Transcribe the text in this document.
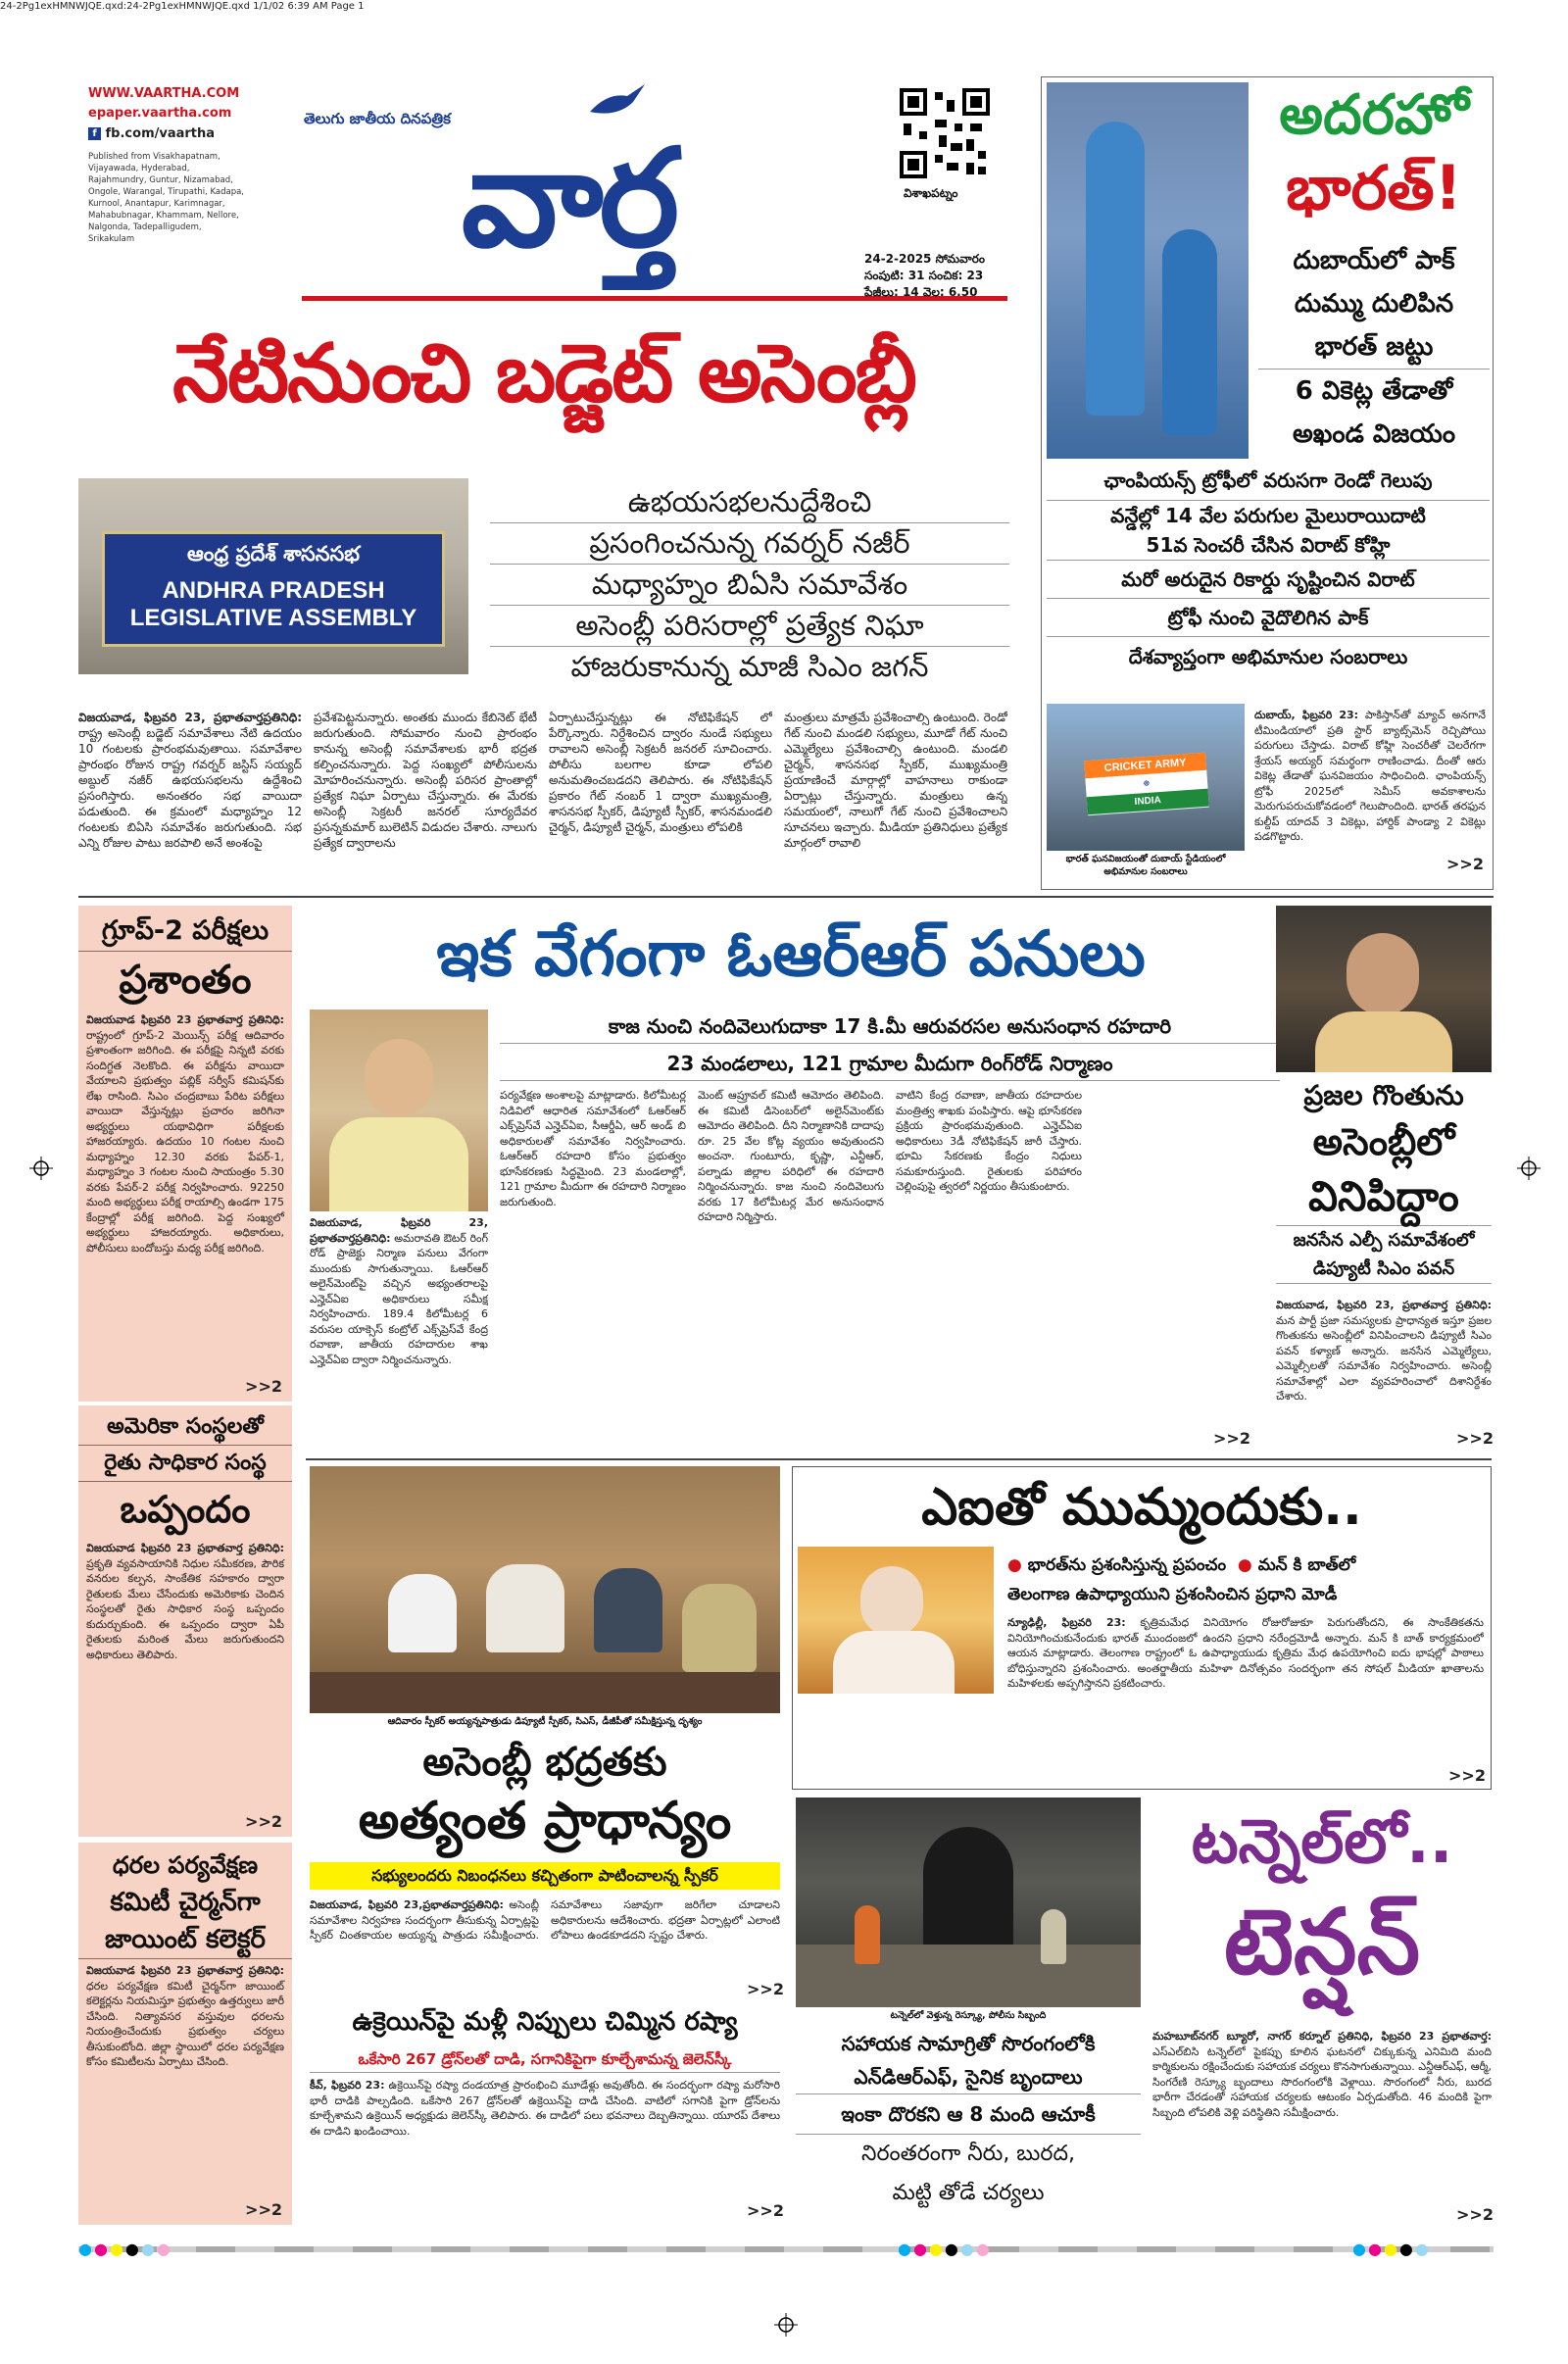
24-2Pg1exHMNWJQE.qxd:24-2Pg1exHMNWJQE.qxd 1/1/02 6:39 AM Page 1
WWW.VAARTHA.COM
epaper.vaartha.com
f fb.com/vaartha
Published from Visakhapatnam, Vijayawada, Hyderabad, Rajahmundry, Guntur, Nizamabad, Ongole, Warangal, Tirupathi, Kadapa, Kurnool, Anantapur, Karimnagar, Mahabubnagar, Khammam, Nellore, Nalgonda, Tadepalligudem, Srikakulam
తెలుగు జాతీయ దినపత్రిక
వార్త	విశాఖపట్నం
24-2-2025 సోమవారం
సంపుటి: 31 సంచిక: 23
పేజీలు: 14 వెల: 6.50
నేటినుంచి బడ్జెట్ అసెంబ్లీ
ఆంధ్ర ప్రదేశ్ శాసనసభ
ANDHRA PRADESH
LEGISLATIVE ASSEMBLY
ఉభయసభలనుద్దేశించి
ప్రసంగించనున్న గవర్నర్ నజీర్
మధ్యాహ్నం బిఏసి సమావేశం
అసెంబ్లీ పరిసరాల్లో ప్రత్యేక నిఘా
హాజరుకానున్న మాజీ సిఎం జగన్
విజయవాడ, ఫిబ్రవరి 23, ప్రభాతవార్తప్రతినిధి: రాష్ట్ర అసెంబ్లీ బడ్జెట్ సమావేశాలు నేటి ఉదయం 10 గంటలకు ప్రారంభమవుతాయి. సమావేశాల ప్రారంభం రోజున రాష్ట్ర గవర్నర్ జస్టిస్ సయ్యద్ అబ్దుల్ నజీర్ ఉభయసభలను ఉద్దేశించి ప్రసంగిస్తారు. అనంతరం సభ వాయిదా పడుతుంది. ఈ క్రమంలో మధ్యాహ్నం 12 గంటలకు బిఏసి సమావేశం జరుగుతుంది. సభ ఎన్ని రోజుల పాటు జరపాలి అనే అంశంపై
ప్రవేశపెట్టనున్నారు. అంతకు ముందు కేబినెట్ భేటీ జరుగుతుంది. సోమవారం నుంచి ప్రారంభం కానున్న అసెంబ్లీ సమావేశాలకు భారీ భద్రత కల్పించనున్నారు. పెద్ద సంఖ్యలో పోలీసులను మోహరించనున్నారు. అసెంబ్లీ పరిసర ప్రాంతాల్లో ప్రత్యేక నిఘా ఏర్పాటు చేస్తున్నారు. ఈ మేరకు అసెంబ్లీ సెక్రటరీ జనరల్ సూర్యదేవర ప్రసన్నకుమార్ బులెటిన్ విడుదల చేశారు. నాలుగు ప్రత్యేక ద్వారాలను
ఏర్పాటుచేస్తున్నట్లు ఈ నోటిఫికేషన్ లో పేర్కొన్నారు. నిర్దేశించిన ద్వారం నుండే సభ్యులు రావాలని అసెంబ్లీ సెక్రటరీ జనరల్ సూచించారు. పోలీసు బలగాల కూడా లోపలి అనుమతించబడదని తెలిపారు. ఈ నోటిఫికేషన్ ప్రకారం గేట్ నంబర్ 1 ద్వారా ముఖ్యమంత్రి, శాసనసభ స్పీకర్, డిప్యూటీ స్పీకర్, శాసనమండలి చైర్మన్, డిప్యూటీ చైర్మన్, మంత్రులు లోపలికి
మంత్రులు మాత్రమే ప్రవేశించాల్సి ఉంటుంది. రెండో గేట్ నుంచి మండలి సభ్యులు, మూడో గేట్ నుంచి ఎమ్మెల్యేలు ప్రవేశించాల్సి ఉంటుంది. మండలి చైర్మన్, శాసనసభ స్పీకర్, ముఖ్యమంత్రి ప్రయాణించే మార్గాల్లో వాహనాలు రాకుండా ఏర్పాట్లు చేస్తున్నారు. మంత్రులు ఉన్న సమయంలో, నాలుగో గేట్ నుంచి ప్రవేశించాలని సూచనలు ఇచ్చారు. మీడియా ప్రతినిధులు ప్రత్యేక మార్గంలో రావాలి
అదరహో
భారత్!
దుబాయ్‌లో పాక్
దుమ్ము దులిపిన
భారత్ జట్టు
6 వికెట్ల తేడాతో
అఖండ విజయం
ఛాంపియన్స్ ట్రోఫీలో వరుసగా రెండో గెలుపు
వన్డేల్లో 14 వేల పరుగుల మైలురాయిదాటి
51వ సెంచరీ చేసిన విరాట్ కోహ్లి
మరో అరుదైన రికార్డు సృష్టించిన విరాట్
ట్రోఫీ నుంచి వైదొలిగిన పాక్
దేశవ్యాప్తంగా అభిమానుల సంబరాలు
CRICKET ARMY
☸
INDIA
భారత్ ఘనవిజయంతో దుబాయ్ స్టేడియంలో అభిమానుల సంబరాలు
దుబాయ్, ఫిబ్రవరి 23: పాకిస్తాన్‌తో మ్యాచ్ అనగానే టీమిండియాలో ప్రతి స్టార్ బ్యాట్స్‌మెన్ రెచ్చిపోయి పరుగులు చేస్తాడు. విరాట్ కోహ్లి సెంచరీతో చెలరేగగా శ్రేయస్ అయ్యర్ సమర్థంగా రాణించాడు. దీంతో ఆరు వికెట్ల తేడాతో ఘనవిజయం సాధించింది. ఛాంపియన్స్ ట్రోఫీ 2025లో సెమీస్ అవకాశాలను మెరుగుపరుచుకోవడంలో గెలుపొందింది. భారత్ తరఫున కుల్దీప్ యాదవ్ 3 వికెట్లు, హార్దిక్ పాండ్యా 2 వికెట్లు పడగొట్టారు.
>>2
గ్రూప్-2 పరీక్షలు
ప్రశాంతం
విజయవాడ ఫిబ్రవరి 23 ప్రభాతవార్త ప్రతినిధి: రాష్ట్రంలో గ్రూప్-2 మెయిన్స్ పరీక్ష ఆదివారం ప్రశాంతంగా జరిగింది. ఈ పరీక్షపై నిన్నటి వరకు సందిగ్ధత నెలకొంది. ఈ పరీక్షను వాయిదా వేయాలని ప్రభుత్వం పబ్లిక్ సర్వీస్ కమిషన్‌కు లేఖ రాసింది. సిఎం చంద్రబాబు పేరిట పరీక్షలు వాయిదా వేస్తున్నట్లు ప్రచారం జరిగినా అభ్యర్థులు యథావిధిగా పరీక్షలకు హాజరయ్యారు. ఉదయం 10 గంటల నుంచి మధ్యాహ్నం 12.30 వరకు పేపర్-1, మధ్యాహ్నం 3 గంటల నుంచి సాయంత్రం 5.30 వరకు పేపర్-2 పరీక్ష నిర్వహించారు. 92250 మంది అభ్యర్థులు పరీక్ష రాయాల్సి ఉండగా 175 కేంద్రాల్లో పరీక్ష జరిగింది. పెద్ద సంఖ్యలో అభ్యర్థులు హాజరయ్యారు. అధికారులు, పోలీసులు బందోబస్తు మధ్య పరీక్ష జరిగింది.
>>2
ఇక వేగంగా ఓఆర్ఆర్ పనులు
కాజ నుంచి నందివెలుగుదాకా 17 కి.మీ ఆరువరసల అనుసంధాన రహదారి
23 మండలాలు, 121 గ్రామాల మీదుగా రింగ్‌రోడ్ నిర్మాణం
విజయవాడ, ఫిబ్రవరి 23, ప్రభాతవార్తప్రతినిధి: అమరావతి ఔటర్ రింగ్ రోడ్ ప్రాజెక్టు నిర్మాణ పనులు వేగంగా ముందుకు సాగుతున్నాయి. ఓఆర్ఆర్ అలైన్‌మెంట్‌పై వచ్చిన అభ్యంతరాలపై ఎన్హెచ్ఏఐ అధికారులు సమీక్ష నిర్వహించారు. 189.4 కిలోమీటర్ల 6 వరుసల యాక్సెస్ కంట్రోల్ ఎక్స్‌ప్రెస్‌వే కేంద్ర రవాణా, జాతీయ రహదారుల శాఖ ఎన్హెచ్ఏఐ ద్వారా నిర్మించనున్నారు.
పర్యవేక్షణ అంశాలపై మాట్లాడారు. కిలోమీటర్ల నిడివిలో ఆధారిత సమావేశంలో ఓఆర్ఆర్ ఎక్స్‌ప్రెస్‌వే ఎన్హెచ్ఏఐ, సీఆర్డీఏ, ఆర్ అండ్ బి అధికారులతో సమావేశం నిర్వహించారు. ఓఆర్ఆర్ రహదారి కోసం ప్రభుత్వం భూసేకరణకు సిద్ధమైంది. 23 మండలాల్లో, 121 గ్రామాల మీదుగా ఈ రహదారి నిర్మాణం జరుగుతుంది.
మెంట్ ఆప్రూవల్ కమిటీ ఆమోదం తెలిపింది. ఈ కమిటీ డిసెంబర్‌లో అలైన్‌మెంట్‌కు ఆమోదం తెలిపింది. దీని నిర్మాణానికి దాదాపు రూ. 25 వేల కోట్ల వ్యయం అవుతుందని అంచనా. గుంటూరు, కృష్ణా, ఎన్టీఆర్, పల్నాడు జిల్లాల పరిధిలో ఈ రహదారి నిర్మించనున్నారు. కాజ నుంచి నందివెలుగు వరకు 17 కిలోమీటర్ల మేర అనుసంధాన రహదారి నిర్మిస్తారు.
వాటిని కేంద్ర రవాణా, జాతీయ రహదారుల మంత్రిత్వ శాఖకు పంపిస్తారు. ఆపై భూసేకరణ ప్రక్రియ ప్రారంభమవుతుంది. ఎన్హెచ్ఏఐ అధికారులు 3డీ నోటిఫికేషన్ జారీ చేస్తారు. భూమి సేకరణకు కేంద్రం నిధులు సమకూరుస్తుంది. రైతులకు పరిహారం చెల్లింపుపై త్వరలో నిర్ణయం తీసుకుంటారు.
>>2
ప్రజల గొంతును
అసెంబ్లీలో
వినిపిద్దాం
జనసేన ఎల్పీ సమావేశంలో
డిప్యూటీ సిఎం పవన్
విజయవాడ, ఫిబ్రవరి 23, ప్రభాతవార్త ప్రతినిధి: మన పార్టీ ప్రజా సమస్యలకు ప్రాధాన్యత ఇస్తూ ప్రజల గొంతుకను అసెంబ్లీలో వినిపించాలని డిప్యూటీ సిఎం పవన్ కళ్యాణ్ అన్నారు. జనసేన ఎమ్మెల్యేలు, ఎమ్మెల్సీలతో సమావేశం నిర్వహించారు. అసెంబ్లీ సమావేశాల్లో ఎలా వ్యవహరించాలో దిశానిర్దేశం చేశారు.
>>2
అమెరికా సంస్థలతో
రైతు సాధికార సంస్థ
ఒప్పందం
విజయవాడ ఫిబ్రవరి 23 ప్రభాతవార్త ప్రతినిధి: ప్రకృతి వ్యవసాయానికి నిధుల సమీకరణ, పౌరిక వనరుల కల్పన, సాంకేతిక సహకారం ద్వారా రైతులకు మేలు చేసేందుకు అమెరికాకు చెందిన సంస్థలతో రైతు సాధికార సంస్థ ఒప్పందం కుదుర్చుకుంది. ఈ ఒప్పందం ద్వారా ఏపీ రైతులకు మరింత మేలు జరుగుతుందని అధికారులు తెలిపారు.
>>2
ఆదివారం స్పీకర్ అయ్యన్నపాత్రుడు డిప్యూటీ స్పీకర్, సిఎస్, డీజీపీతో సమీక్షిస్తున్న దృశ్యం
అసెంబ్లీ భద్రతకు
అత్యంత ప్రాధాన్యం
సభ్యులందరు నిబంధనలు కచ్చితంగా పాటించాలన్న స్పీకర్
విజయవాడ, ఫిబ్రవరి 23,ప్రభాతవార్తప్రతినిధి: అసెంబ్లీ సమావేశాల నిర్వహణ సందర్భంగా తీసుకున్న ఏర్పాట్లపై స్పీకర్ చింతకాయల అయ్యన్న పాత్రుడు సమీక్షించారు. సమావేశాలు సజావుగా జరిగేలా చూడాలని అధికారులను ఆదేశించారు. భద్రతా ఏర్పాట్లలో ఎలాంటి లోపాలు ఉండకూడదని స్పష్టం చేశారు.
>>2
ఎఐతో ముమ్మందుకు..
● భారత్‌ను ప్రశంసిస్తున్న ప్రపంచం ● మన్ కి బాత్‌లో
తెలంగాణ ఉపాధ్యాయుని ప్రశంసించిన ప్రధాని మోడీ
న్యూఢిల్లీ, ఫిబ్రవరి 23: కృత్రిమమేధ వినియోగం రోజురోజుకూ పెరుగుతోందని, ఈ సాంకేతికతను వినియోగించుకునేందుకు భారత్ ముందంజలో ఉందని ప్రధాని నరేంద్రమోడీ అన్నారు. మన్ కి బాత్ కార్యక్రమంలో ఆయన మాట్లాడారు. తెలంగాణ రాష్ట్రంలో ఓ ఉపాధ్యాయుడు కృత్రిమ మేధ ఉపయోగించి ఐదు భాషల్లో పాఠాలు బోధిస్తున్నారని ప్రశంసించారు. అంతర్జాతీయ మహిళా దినోత్సవం సందర్భంగా తన సోషల్ మీడియా ఖాతాలను మహిళలకు అప్పగిస్తానని ప్రకటించారు.
>>2
ధరల పర్యవేక్షణ
కమిటీ చైర్మన్‌గా
జాయింట్ కలెక్టర్
విజయవాడ ఫిబ్రవరి 23 ప్రభాతవార్త ప్రతినిధి: ధరల పర్యవేక్షణ కమిటీ చైర్మన్‌గా జాయింట్ కలెక్టర్లను నియమిస్తూ ప్రభుత్వం ఉత్తర్వులు జారీ చేసింది. నిత్యావసర వస్తువుల ధరలను నియంత్రించేందుకు ప్రభుత్వం చర్యలు తీసుకుంటోంది. జిల్లా స్థాయిలో ధరల పర్యవేక్షణ కోసం కమిటీలను ఏర్పాటు చేసింది.
>>2
ఉక్రెయిన్‌పై మళ్లీ నిప్పులు చిమ్మిన రష్యా
ఒకేసారి 267 డ్రోన్‌లతో దాడి, సగానికిపైగా కూల్చేశామన్న జెలెన్‌స్కీ
కీవ్, ఫిబ్రవరి 23: ఉక్రెయిన్‌పై రష్యా దండయాత్ర ప్రారంభించి మూడేళ్లు అవుతోంది. ఈ సందర్భంగా రష్యా మరోసారి భారీ దాడికి పాల్పడింది. ఒకేసారి 267 డ్రోన్‌లతో ఉక్రెయిన్‌పై దాడి చేసింది. వాటిలో సగానికి పైగా డ్రోన్‌లను కూల్చేశామని ఉక్రెయిన్ అధ్యక్షుడు జెలెన్‌స్కీ తెలిపారు. ఈ దాడిలో పలు భవనాలు దెబ్బతిన్నాయి. యూరప్ దేశాలు ఈ దాడిని ఖండించాయి.
>>2
టన్నెల్‌లో వెళ్తున్న రెస్క్యూ, పోలీసు సిబ్బంది
సహాయక సామాగ్రితో సొరంగంలోకి
ఎన్‌డిఆర్‌ఎఫ్, సైనిక బృందాలు
ఇంకా దొరకని ఆ 8 మంది ఆచూకీ
నిరంతరంగా నీరు, బురద,
మట్టి తోడే చర్యలు
టన్నెల్‌లో..
టెన్షన్
మహబూబ్‌నగర్ బ్యూరో, నాగర్ కర్నూల్ ప్రతినిధి, ఫిబ్రవరి 23 ప్రభాతవార్త: ఎస్ఎల్‌బిసి టన్నెల్‌లో పైకప్పు కూలిన ఘటనలో చిక్కుకున్న ఎనిమిది మంది కార్మికులను రక్షించేందుకు సహాయక చర్యలు కొనసాగుతున్నాయి. ఎన్డీఆర్ఎఫ్, ఆర్మీ, సింగరేణి రెస్క్యూ బృందాలు సొరంగంలోకి వెళ్లాయి. సొరంగంలో నీరు, బురద భారీగా చేరడంతో సహాయక చర్యలకు ఆటంకం ఏర్పడుతోంది. 46 మందికి పైగా సిబ్బంది లోపలికి వెళ్లి పరిస్థితిని సమీక్షించారు.
>>2
●●●●●●	●●●●●●	●●●●●
